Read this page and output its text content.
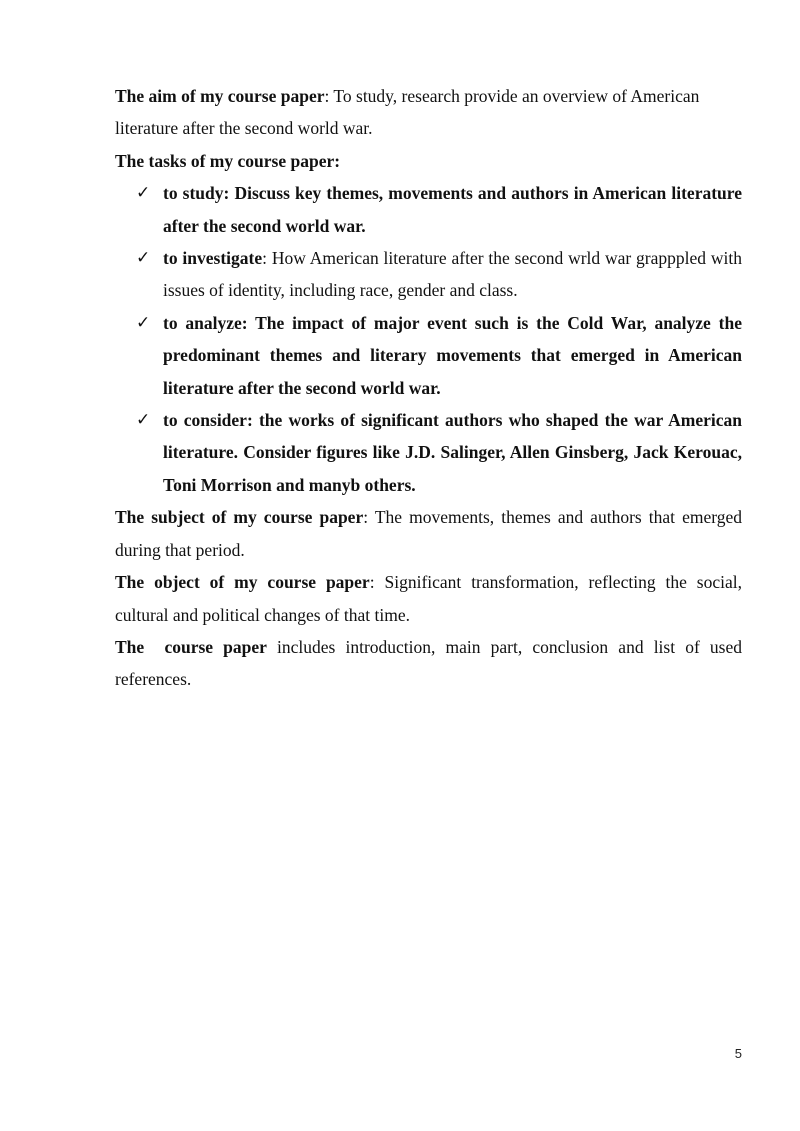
The aim of my course paper: To study, research provide an overview of American literature after the second world war.

The tasks of my course paper:

✓ to study: Discuss key themes, movements and authors in American literature after the second world war.
✓ to investigate: How American literature after the second wrld war grapppled with issues of identity, including race, gender and class.
✓ to analyze: The impact of major event such is the Cold War, analyze the predominant themes and literary movements that emerged in American literature after the second world war.
✓ to consider: the works of significant authors who shaped the war American literature. Consider figures like J.D. Salinger, Allen Ginsberg, Jack Kerouac, Toni Morrison and manyb others.

The subject of my course paper: The movements, themes and authors that emerged during that period.

The object of my course paper: Significant transformation, reflecting the social, cultural and political changes of that time.

The course paper includes introduction, main part, conclusion and list of used references.

5
